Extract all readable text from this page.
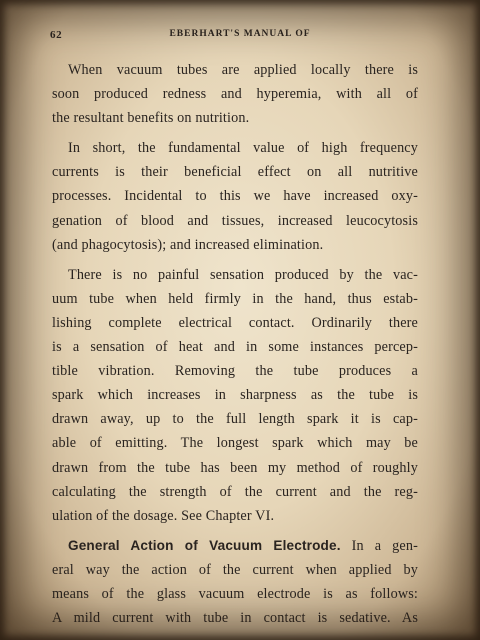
62	EBERHART'S MANUAL OF

When vacuum tubes are applied locally there is
soon produced redness and hyperemia, with all of
the resultant benefits on nutrition.

In short, the fundamental value of high frequency
currents is their beneficial effect on all nutritive
processes. Incidental to this we have increased oxy-
genation of blood and tissues, increased leucocytosis
(and phagocytosis); and increased elimination.

There is no painful sensation produced by the vac-
uum tube when held firmly in the hand, thus estab-
lishing complete electrical contact. Ordinarily there
is a sensation of heat and in some instances percep-
tible vibration. Removing the tube produces a
spark which increases in sharpness as the tube is
drawn away, up to the full length spark it is cap-
able of emitting. The longest spark which may be
drawn from the tube has been my method of roughly
calculating the strength of the current and the reg-
ulation of the dosage. See Chapter VI.

General Action of Vacuum Electrode. In a gen-
eral way the action of the current when applied by
means of the glass vacuum electrode is as follows:
A mild current with tube in contact is sedative. As
